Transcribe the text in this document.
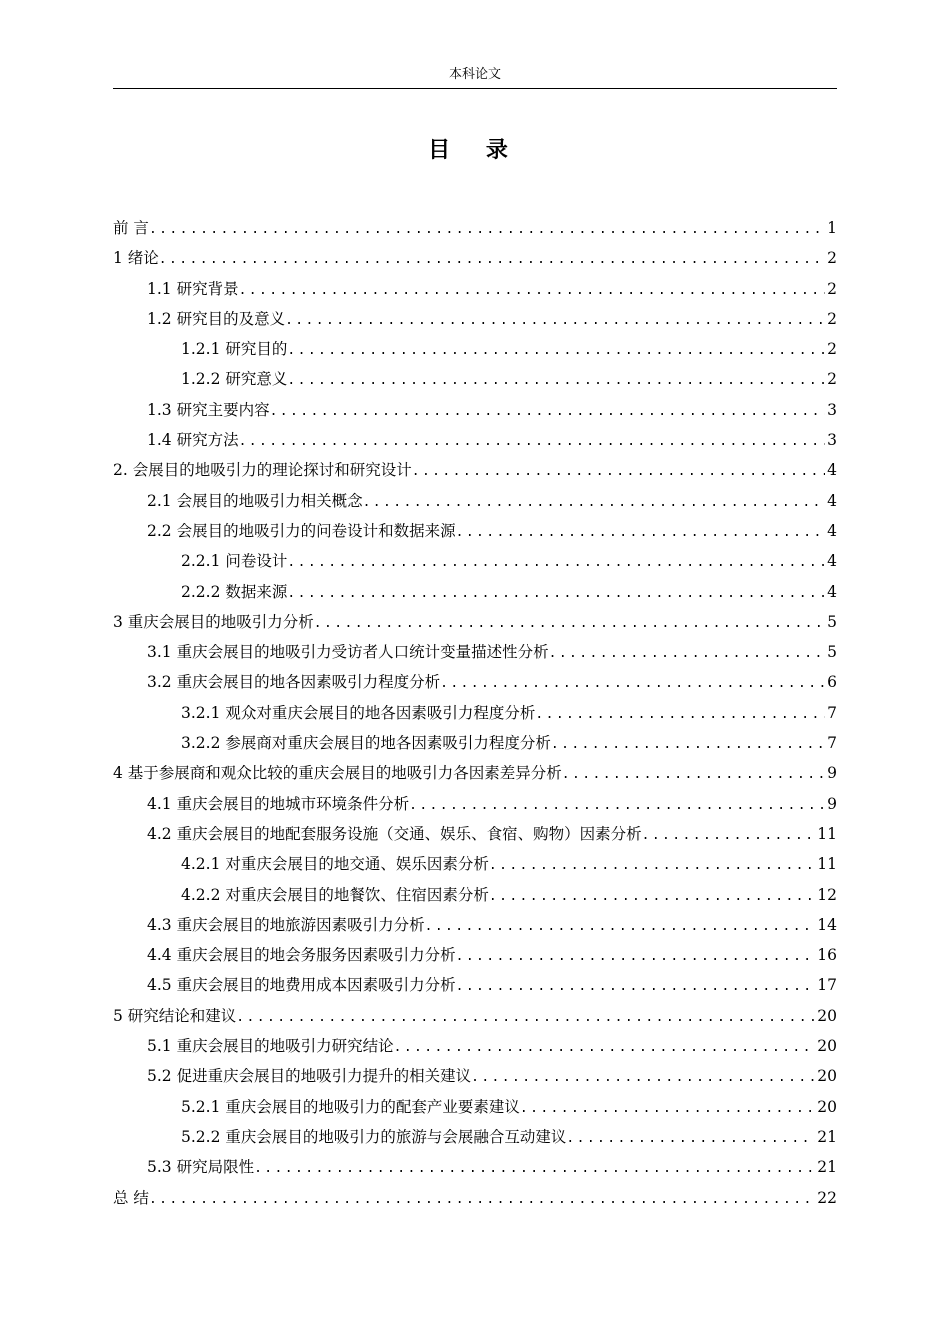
本科论文
目 录
前 言 .....	1
1 绪论 .....	2
1.1 研究背景 .....	2
1.2 研究目的及意义 .....	2
1.2.1 研究目的 .....	2
1.2.2 研究意义 .....	2
1.3 研究主要内容 .....	3
1.4 研究方法 .....	3
2. 会展目的地吸引力的理论探讨和研究设计 .....	4
2.1 会展目的地吸引力相关概念 .....	4
2.2 会展目的地吸引力的问卷设计和数据来源 .....	4
2.2.1 问卷设计 .....	4
2.2.2 数据来源 .....	4
3 重庆会展目的地吸引力分析 .....	5
3.1 重庆会展目的地吸引力受访者人口统计变量描述性分析 .....	5
3.2 重庆会展目的地各因素吸引力程度分析 .....	6
3.2.1 观众对重庆会展目的地各因素吸引力程度分析 .....	7
3.2.2 参展商对重庆会展目的地各因素吸引力程度分析 .....	7
4 基于参展商和观众比较的重庆会展目的地吸引力各因素差异分析 .....	9
4.1 重庆会展目的地城市环境条件分析 .....	9
4.2 重庆会展目的地配套服务设施（交通、娱乐、食宿、购物）因素分析 .....	11
4.2.1 对重庆会展目的地交通、娱乐因素分析 .....	11
4.2.2 对重庆会展目的地餐饮、住宿因素分析 .....	12
4.3 重庆会展目的地旅游因素吸引力分析 .....	14
4.4 重庆会展目的地会务服务因素吸引力分析 .....	16
4.5 重庆会展目的地费用成本因素吸引力分析 .....	17
5 研究结论和建议 .....	20
5.1 重庆会展目的地吸引力研究结论 .....	20
5.2 促进重庆会展目的地吸引力提升的相关建议 .....	20
5.2.1 重庆会展目的地吸引力的配套产业要素建议 .....	20
5.2.2 重庆会展目的地吸引力的旅游与会展融合互动建议 .....	21
5.3 研究局限性 .....	21
总 结 .....	22
